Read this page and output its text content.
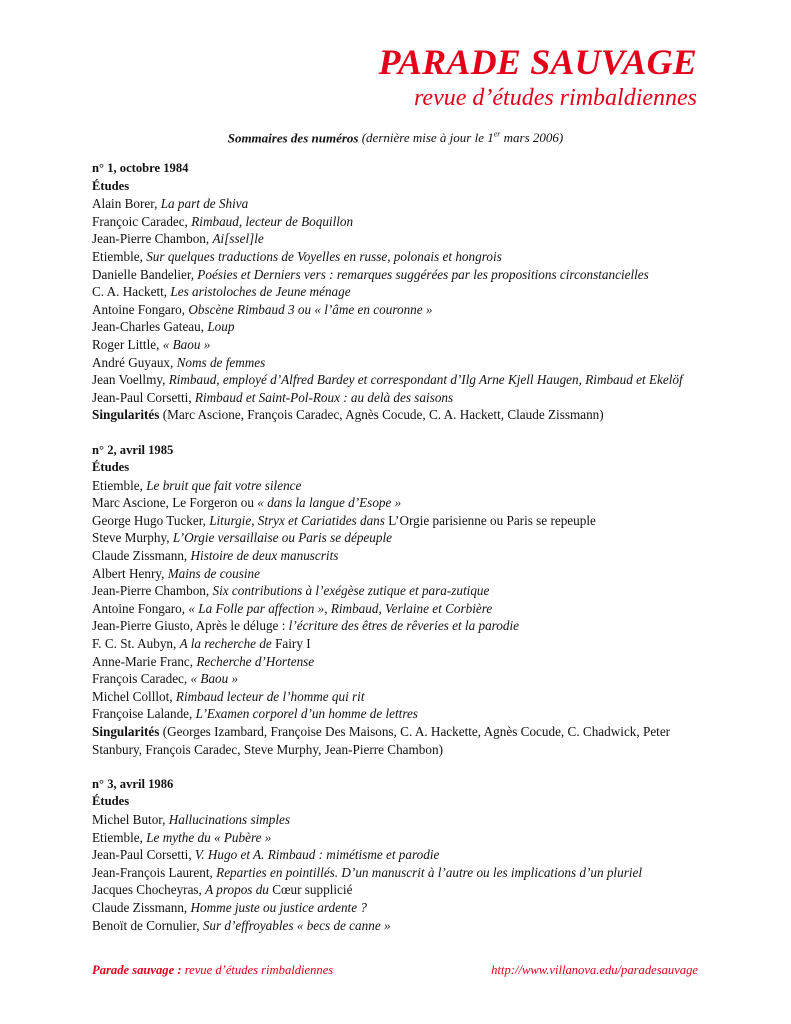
PARADE SAUVAGE
revue d’études rimbaldiennes
Sommaires des numéros (dernière mise à jour le 1er mars 2006)
n° 1, octobre 1984
Études
Alain Borer, La part de Shiva
Françoic Caradec, Rimbaud, lecteur de Boquillon
Jean-Pierre Chambon, Ai[ssel]le
Etiemble, Sur quelques traductions de Voyelles en russe, polonais et hongrois
Danielle Bandelier, Poésies et Derniers vers : remarques suggérées par les propositions circonstancielles
C. A. Hackett, Les aristoloches de Jeune ménage
Antoine Fongaro, Obscène Rimbaud 3 ou « l’âme en couronne »
Jean-Charles Gateau, Loup
Roger Little, « Baou »
André Guyaux, Noms de femmes
Jean Voellmy, Rimbaud, employé d’Alfred Bardey et correspondant d’Ilg Arne Kjell Haugen, Rimbaud et Ekelöf
Jean-Paul Corsetti, Rimbaud et Saint-Pol-Roux : au delà des saisons
Singularités (Marc Ascione, François Caradec, Agnès Cocude, C. A. Hackett, Claude Zissmann)
n° 2, avril 1985
Études
Etiemble, Le bruit que fait votre silence
Marc Ascione, Le Forgeron ou « dans la langue d’Esope »
George Hugo Tucker, Liturgie, Stryx et Cariatides dans L’Orgie parisienne ou Paris se repeuple
Steve Murphy, L’Orgie versaillaise ou Paris se dépeuple
Claude Zissmann, Histoire de deux manuscrits
Albert Henry, Mains de cousine
Jean-Pierre Chambon, Six contributions à l’exégèse zutique et para-zutique
Antoine Fongaro, « La Folle par affection », Rimbaud, Verlaine et Corbière
Jean-Pierre Giusto, Après le déluge : l’écriture des êtres de rêveries et la parodie
F. C. St. Aubyn, A la recherche de Fairy I
Anne-Marie Franc, Recherche d’Hortense
François Caradec, « Baou »
Michel Colllot, Rimbaud lecteur de l’homme qui rit
Françoise Lalande, L’Examen corporel d’un homme de lettres
Singularités (Georges Izambard, Françoise Des Maisons, C. A. Hackette, Agnès Cocude, C. Chadwick, Peter Stanbury, François Caradec, Steve Murphy, Jean-Pierre Chambon)
n° 3, avril 1986
Études
Michel Butor, Hallucinations simples
Etiemble, Le mythe du « Pubère »
Jean-Paul Corsetti, V. Hugo et A. Rimbaud : mimétisme et parodie
Jean-François Laurent, Reparties en pointillés. D’un manuscrit à l’autre ou les implications d’un pluriel
Jacques Chocheyras, A propos du Cœur supplicié
Claude Zissmann, Homme juste ou justice ardente ?
Benoït de Cornulier, Sur d’effroyables « becs de canne »
Parade sauvage : revue d’études rimbaldiennes	http://www.villanova.edu/paradesauvage
